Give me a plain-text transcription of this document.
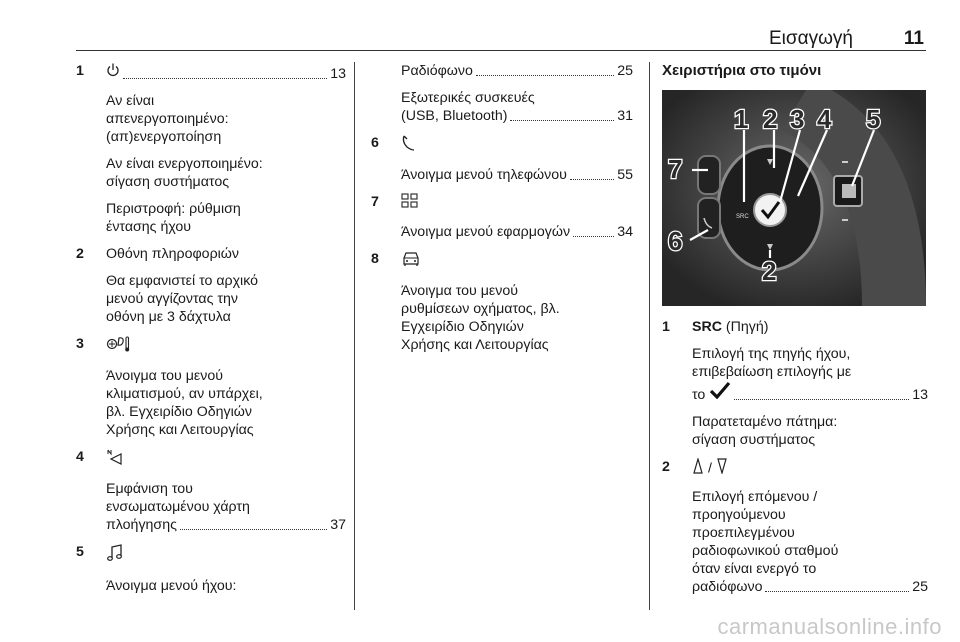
Εισαγωγή	11
1	13

Αν είναι

απενεργοποιημένο:

(απ)ενεργοποίηση

Αν είναι ενεργοποιημένο:

σίγαση συστήματος

Περιστροφή: ρύθμιση

έντασης ήχου

2 Οθόνη πληροφοριών

Θα εμφανιστεί το αρχικό

μενού αγγίζοντας την

οθόνη με 3 δάχτυλα

3

Άνοιγμα του μενού

κλιματισμού, αν υπάρχει,

βλ. Εγχειρίδιο Οδηγιών

Χρήσης και Λειτουργίας

4

Εμφάνιση του

ενσωματωμένου χάρτη

πλοήγησης	37
5

Άνοιγμα μενού ήχου:

Ραδιόφωνο	25

Εξωτερικές συσκευές

(USB, Bluetooth)	31
6
Άνοιγμα μενού τηλεφώνου	55
7
Άνοιγμα μενού εφαρμογών	34
8

Άνοιγμα του μενού

ρυθμίσεων οχήματος, βλ.

Εγχειρίδιο Οδηγιών

Χρήσης και Λειτουργίας

Χειριστήρια στο τιμόνι
SRC
1 2 3 4 5
7
6
2
1 SRC (Πηγή)

Επιλογή της πηγής ήχου,

επιβεβαίωση επιλογής με

το	13

Παρατεταμένο πάτημα:

σίγαση συστήματος

2	/

Επιλογή επόμενου /

προηγούμενου

προεπιλεγμένου

ραδιοφωνικού σταθμού

όταν είναι ενεργό το

ραδιόφωνο	25
carmanualsonline.info
